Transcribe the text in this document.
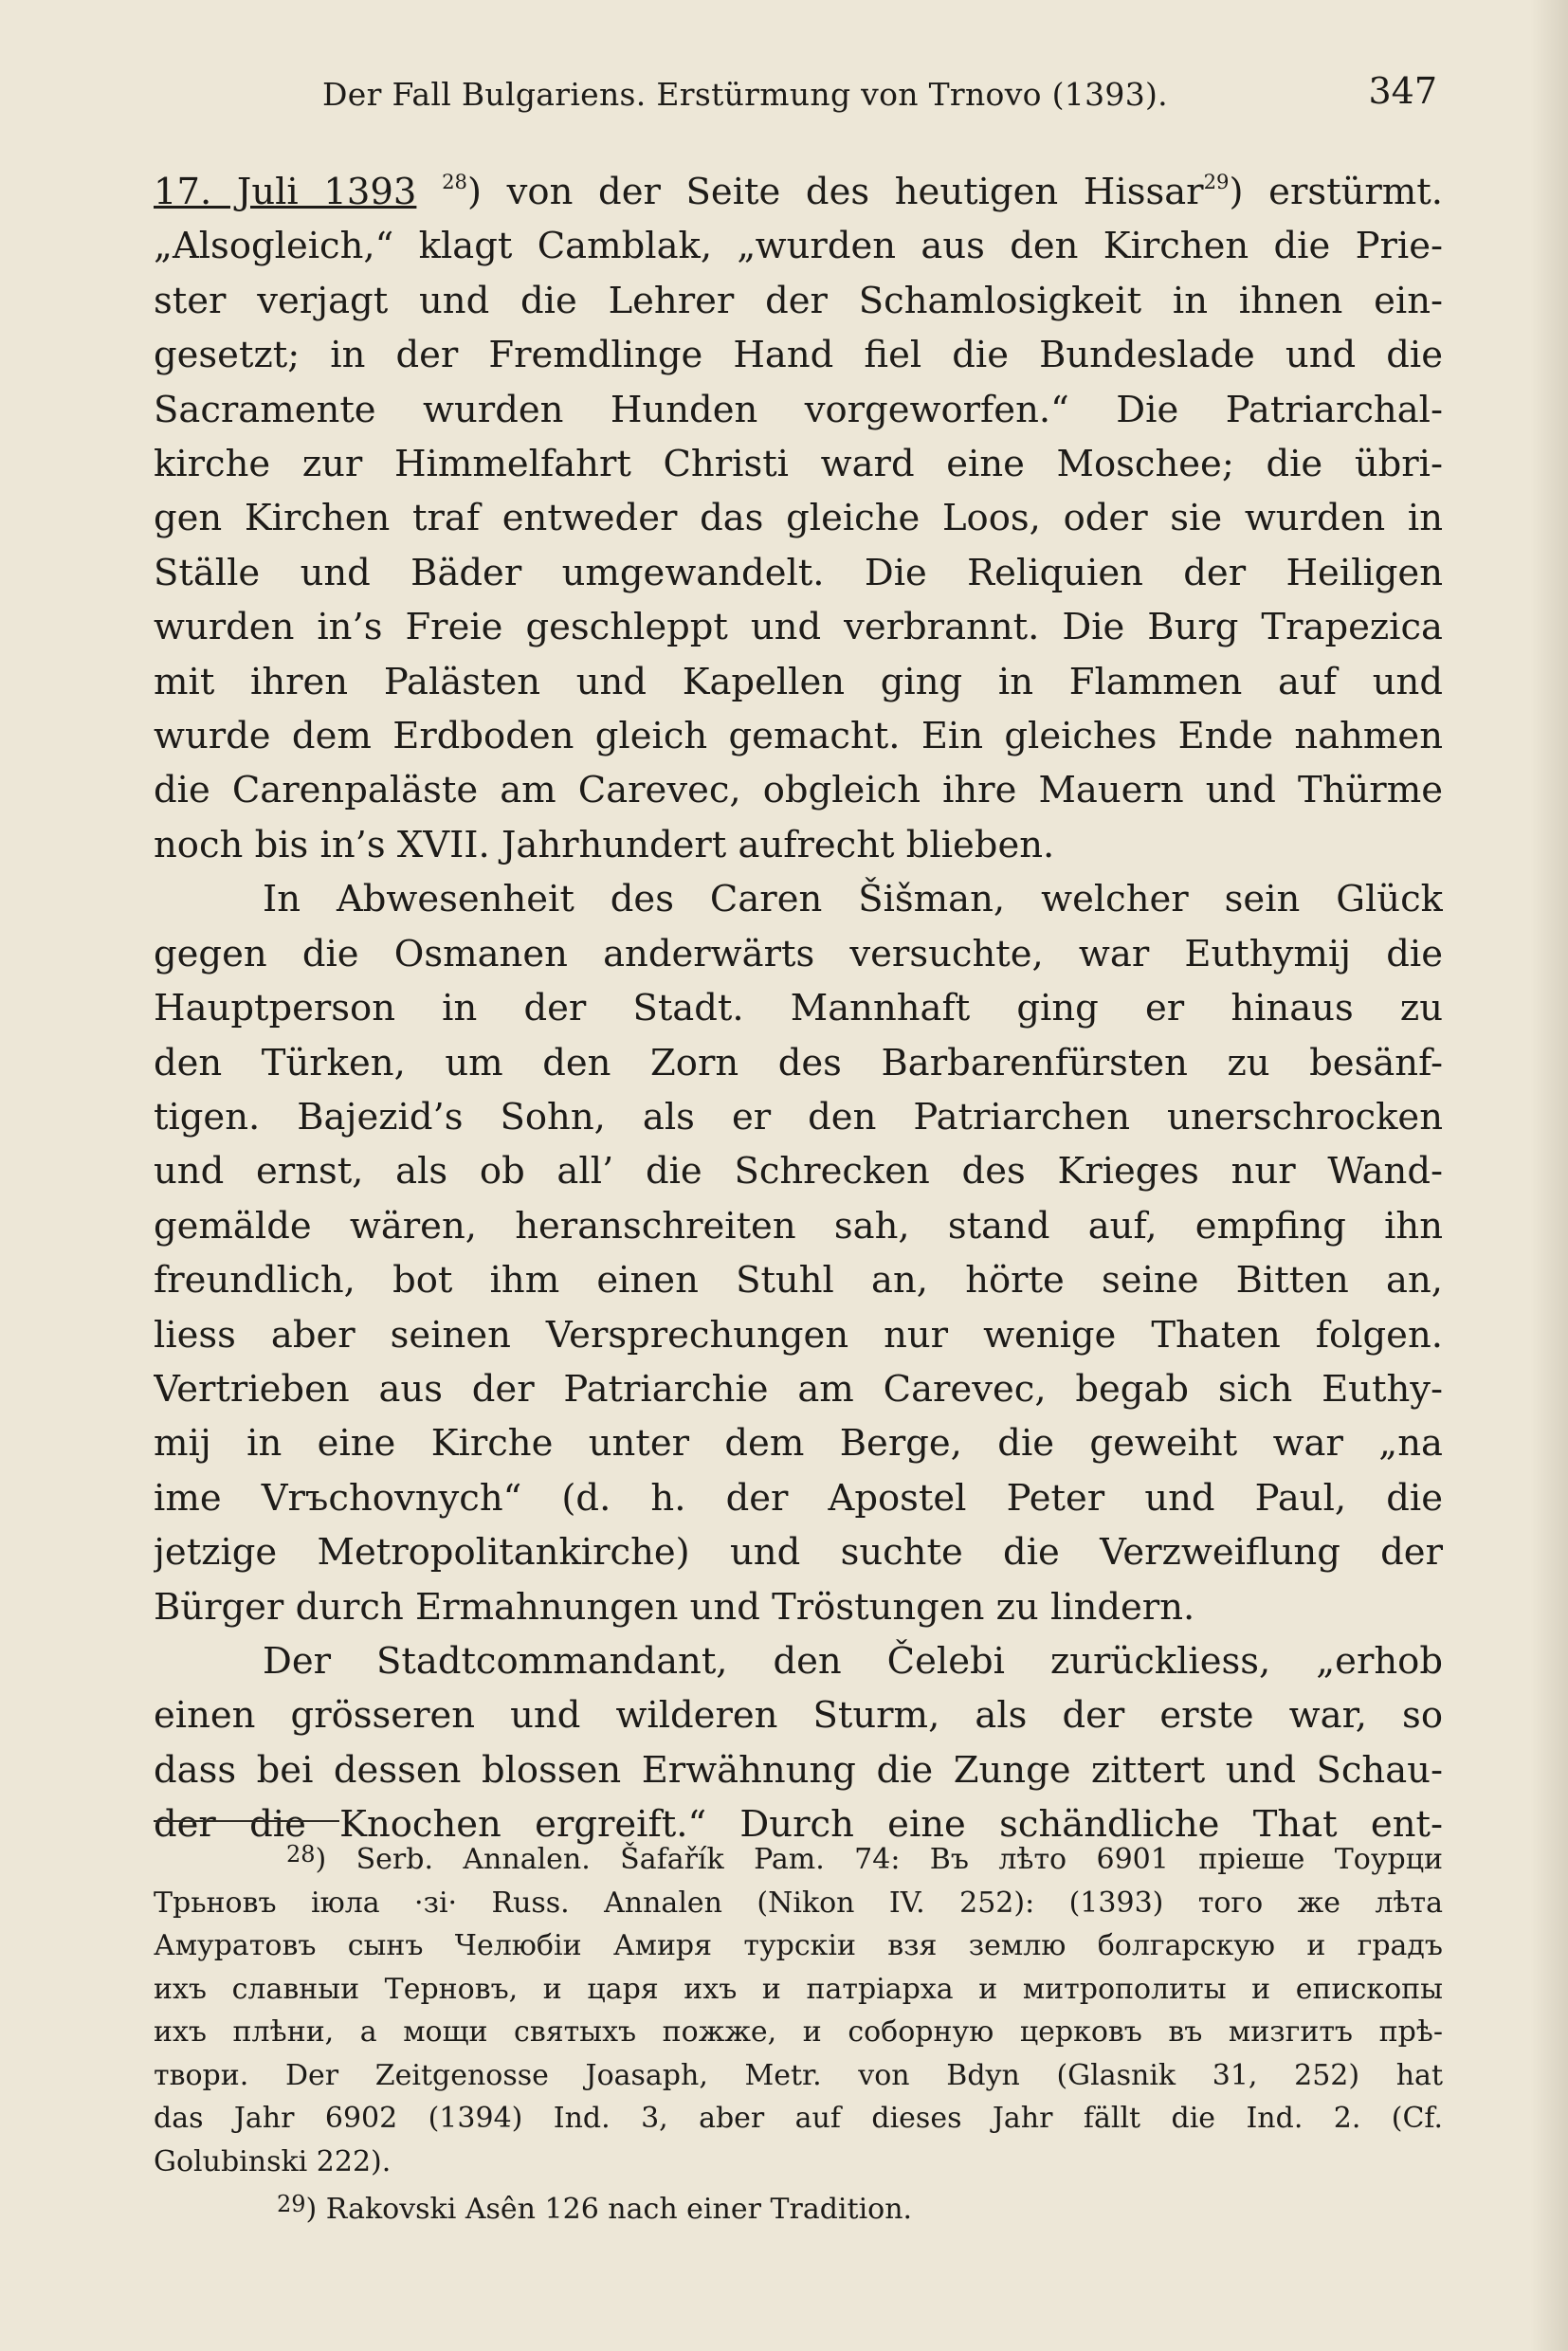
Der Fall Bulgariens. Erstürmung von Trnovo (1393).	347
17. Juli 1393 $^{28}$) von der Seite des heutigen Hissar$^{29}$) erstürmt.
„Alsogleich,“ klagt Camblak, „wurden aus den Kirchen die Prie-
ster verjagt und die Lehrer der Schamlosigkeit in ihnen ein-
gesetzt; in der Fremdlinge Hand fiel die Bundeslade und die
Sacramente wurden Hunden vorgeworfen.“ Die Patriarchal-
kirche zur Himmelfahrt Christi ward eine Moschee; die übri-
gen Kirchen traf entweder das gleiche Loos, oder sie wurden in
Ställe und Bäder umgewandelt. Die Reliquien der Heiligen
wurden in’s Freie geschleppt und verbrannt. Die Burg Trapezica
mit ihren Palästen und Kapellen ging in Flammen auf und
wurde dem Erdboden gleich gemacht. Ein gleiches Ende nahmen
die Carenpaläste am Carevec, obgleich ihre Mauern und Thürme
noch bis in’s XVII. Jahrhundert aufrecht blieben.
In Abwesenheit des Caren Šišman, welcher sein Glück
gegen die Osmanen anderwärts versuchte, war Euthymij die
Hauptperson in der Stadt. Mannhaft ging er hinaus zu
den Türken, um den Zorn des Barbarenfürsten zu besänf-
tigen. Bajezid’s Sohn, als er den Patriarchen unerschrocken
und ernst, als ob all’ die Schrecken des Krieges nur Wand-
gemälde wären, heranschreiten sah, stand auf, empfing ihn
freundlich, bot ihm einen Stuhl an, hörte seine Bitten an,
liess aber seinen Versprechungen nur wenige Thaten folgen.
Vertrieben aus der Patriarchie am Carevec, begab sich Euthy-
mij in eine Kirche unter dem Berge, die geweiht war „na
ime Vrъchovnych“ (d. h. der Apostel Peter und Paul, die
jetzige Metropolitankirche) und suchte die Verzweiflung der
Bürger durch Ermahnungen und Tröstungen zu lindern.
Der Stadtcommandant, den Čelebi zurückliess, „erhob
einen grösseren und wilderen Sturm, als der erste war, so
dass bei dessen blossen Erwähnung die Zunge zittert und Schau-
der die Knochen ergreift.“ Durch eine schändliche That ent-
$^{28}$) Serb. Annalen. Šafařík Pam. 74: Въ лѣто 6901 пріеше Тоурци
Трьновъ іюла ·зі· Russ. Annalen (Nikon IV. 252): (1393) того же лѣта
Амуратовъ сынъ Челюбіи Амиря турскіи взя землю болгарскую и градъ
ихъ славныи Терновъ, и царя ихъ и патріарха и митрополиты и епископы
ихъ плѣни, а мощи святыхъ пожже, и соборную церковъ въ мизгитъ прѣ-
твори. Der Zeitgenosse Joasaph, Metr. von Bdyn (Glasnik 31, 252) hat
das Jahr 6902 (1394) Ind. 3, aber auf dieses Jahr fällt die Ind. 2. (Cf.
Golubinski 222).
$^{29}$) Rakovski Asên 126 nach einer Tradition.
